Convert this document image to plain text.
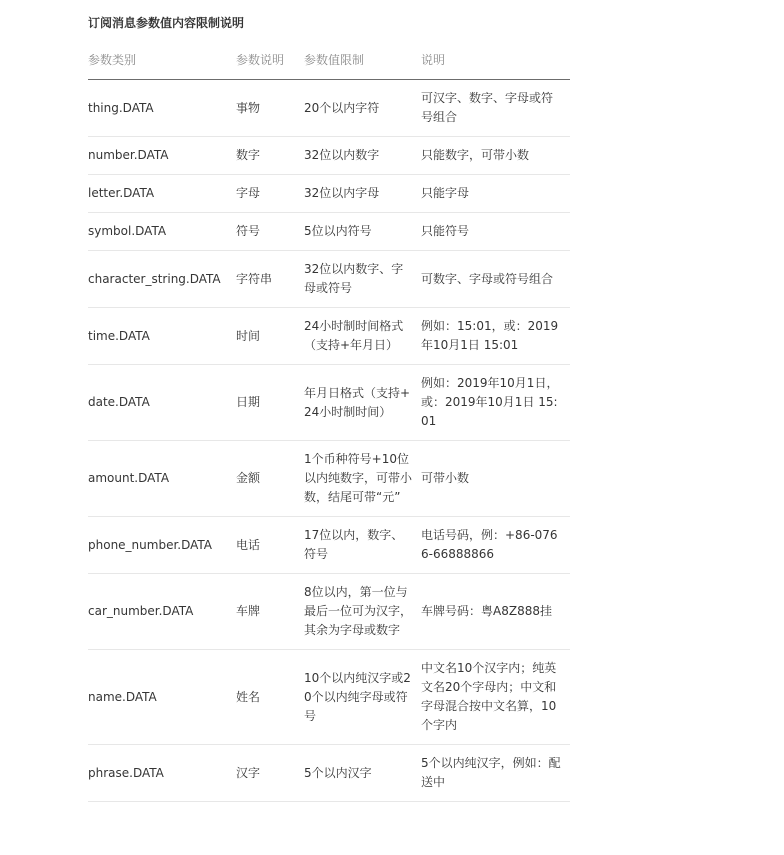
订阅消息参数值内容限制说明
参数类别	参数说明	参数值限制	说明
thing.DATA	事物	20个以内字符	可汉字、数字、字母或符号组合
number.DATA	数字	32位以内数字	只能数字，可带小数
letter.DATA	字母	32位以内字母	只能字母
symbol.DATA	符号	5位以内符号	只能符号
character_string.DATA	字符串	32位以内数字、字母或符号	可数字、字母或符号组合
time.DATA	时间	24小时制时间格式（支持+年月日）	例如：15:01，或：2019年10月1日 15:01
date.DATA	日期	年月日格式（支持+24小时制时间）	例如：2019年10月1日，或：2019年10月1日 15:01
amount.DATA	金额	1个币种符号+10位以内纯数字，可带小数，结尾可带“元”	可带小数
phone_number.DATA	电话	17位以内，数字、符号	电话号码，例：+86-0766-66888866
car_number.DATA	车牌	8位以内，第一位与最后一位可为汉字，其余为字母或数字	车牌号码：粤A8Z888挂
name.DATA	姓名	10个以内纯汉字或20个以内纯字母或符号	中文名10个汉字内；纯英文名20个字母内；中文和字母混合按中文名算，10个字内
phrase.DATA	汉字	5个以内汉字	5个以内纯汉字，例如：配送中
